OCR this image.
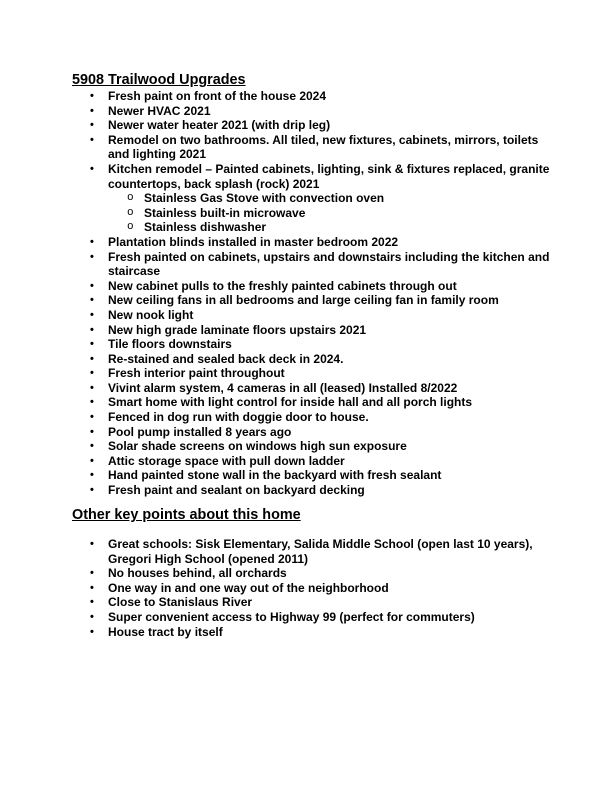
5908 Trailwood Upgrades
• Fresh paint on front of the house 2024
• Newer HVAC 2021
• Newer water heater 2021 (with drip leg)
• Remodel on two bathrooms. All tiled, new fixtures, cabinets, mirrors, toilets and lighting 2021
• Kitchen remodel – Painted cabinets, lighting, sink & fixtures replaced, granite countertops, back splash (rock) 2021
o Stainless Gas Stove with convection oven
o Stainless built-in microwave
o Stainless dishwasher
• Plantation blinds installed in master bedroom 2022
• Fresh painted on cabinets, upstairs and downstairs including the kitchen and staircase
• New cabinet pulls to the freshly painted cabinets through out
• New ceiling fans in all bedrooms and large ceiling fan in family room
• New nook light
• New high grade laminate floors upstairs 2021
• Tile floors downstairs
• Re-stained and sealed back deck in 2024.
• Fresh interior paint throughout
• Vivint alarm system, 4 cameras in all (leased) Installed 8/2022
• Smart home with light control for inside hall and all porch lights
• Fenced in dog run with doggie door to house.
• Pool pump installed 8 years ago
• Solar shade screens on windows high sun exposure
• Attic storage space with pull down ladder
• Hand painted stone wall in the backyard with fresh sealant
• Fresh paint and sealant on backyard decking
Other key points about this home
• Great schools: Sisk Elementary, Salida Middle School (open last 10 years), Gregori High School (opened 2011)
• No houses behind, all orchards
• One way in and one way out of the neighborhood
• Close to Stanislaus River
• Super convenient access to Highway 99 (perfect for commuters)
• House tract by itself
